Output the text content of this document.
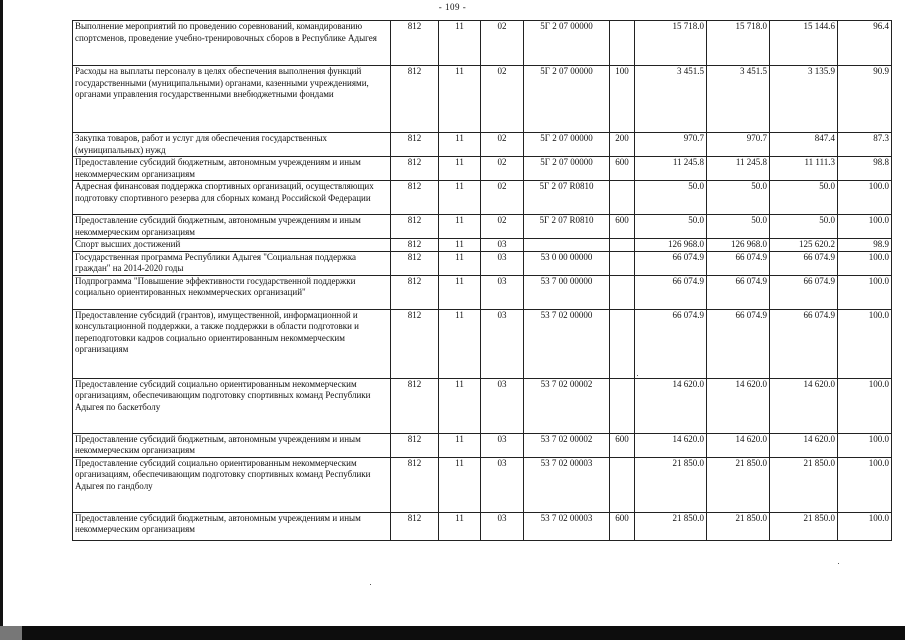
- 109 -
Выполнение мероприятий по проведению соревнований, командированию спортсменов, проведение учебно-тренировочных сборов в Республике Адыгея	812	11	02	5Г 2 07 00000		15 718.0	15 718.0	15 144.6	96.4
Расходы на выплаты персоналу в целях обеспечения выполнения функций государственными (муниципальными) органами, казенными учреждениями, органами управления государственными внебюджетными фондами	812	11	02	5Г 2 07 00000	100	3 451.5	3 451.5	3 135.9	90.9
Закупка товаров, работ и услуг для обеспечения государственных (муниципальных) нужд	812	11	02	5Г 2 07 00000	200	970.7	970.7	847.4	87.3
Предоставление субсидий бюджетным, автономным учреждениям и иным некоммерческим организациям	812	11	02	5Г 2 07 00000	600	11 245.8	11 245.8	11 111.3	98.8
Адресная финансовая поддержка спортивных организаций, осуществляющих подготовку спортивного резерва для сборных команд Российской Федерации	812	11	02	5Г 2 07 R0810		50.0	50.0	50.0	100.0
Предоставление субсидий бюджетным, автономным учреждениям и иным некоммерческим организациям	812	11	02	5Г 2 07 R0810	600	50.0	50.0	50.0	100.0
Спорт высших достижений	812	11	03			126 968.0	126 968.0	125 620.2	98.9
Государственная программа Республики Адыгея "Социальная поддержка граждан" на 2014-2020 годы	812	11	03	53 0 00 00000		66 074.9	66 074.9	66 074.9	100.0
Подпрограмма "Повышение эффективности государственной поддержки социально ориентированных некоммерческих организаций"	812	11	03	53 7 00 00000		66 074.9	66 074.9	66 074.9	100.0
Предоставление субсидий (грантов), имущественной, информационной и консультационной поддержки, а также поддержки в области подготовки и переподготовки кадров социально ориентированным некоммерческим организациям	812	11	03	53 7 02 00000		66 074.9	66 074.9	66 074.9	100.0
Предоставление субсидий социально ориентированным некоммерческим организациям, обеспечивающим подготовку спортивных команд Республики Адыгея по баскетболу	812	11	03	53 7 02 00002		14 620.0	14 620.0	14 620.0	100.0
Предоставление субсидий бюджетным, автономным учреждениям и иным некоммерческим организациям	812	11	03	53 7 02 00002	600	14 620.0	14 620.0	14 620.0	100.0
Предоставление субсидий социально ориентированным некоммерческим организациям, обеспечивающим подготовку спортивных команд Республики Адыгея по гандболу	812	11	03	53 7 02 00003		21 850.0	21 850.0	21 850.0	100.0
Предоставление субсидий бюджетным, автономным учреждениям и иным некоммерческим организациям	812	11	03	53 7 02 00003	600	21 850.0	21 850.0	21 850.0	100.0
